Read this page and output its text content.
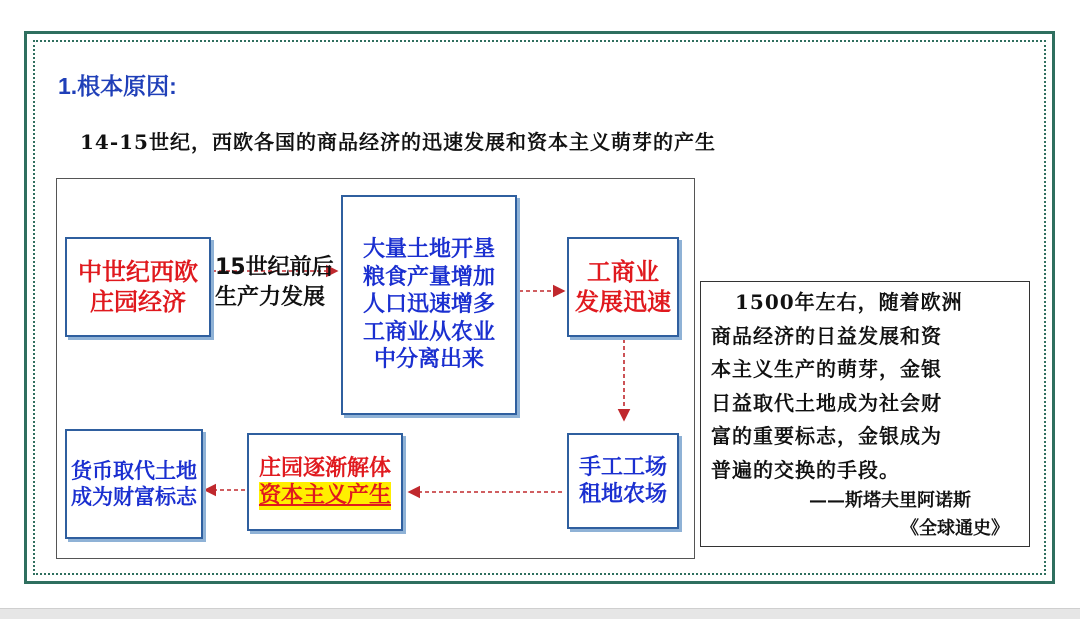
1.根本原因:

14-15世纪，西欧各国的商品经济的迅速发展和资本主义萌芽的产生

中世纪西欧
庄园经济
15世纪前后
生产力发展
大量土地开垦
粮食产量增加
人口迅速增多
工商业从农业
中分离出来
工商业
发展迅速
手工工场
租地农场
庄园逐渐解体
资本主义产生
货币取代土地
成为财富标志
1500年左右，随着欧洲
商品经济的日益发展和资
本主义生产的萌芽，金银
日益取代土地成为社会财
富的重要标志，金银成为
普遍的交换的手段。
——斯塔夫里阿诺斯
《全球通史》
